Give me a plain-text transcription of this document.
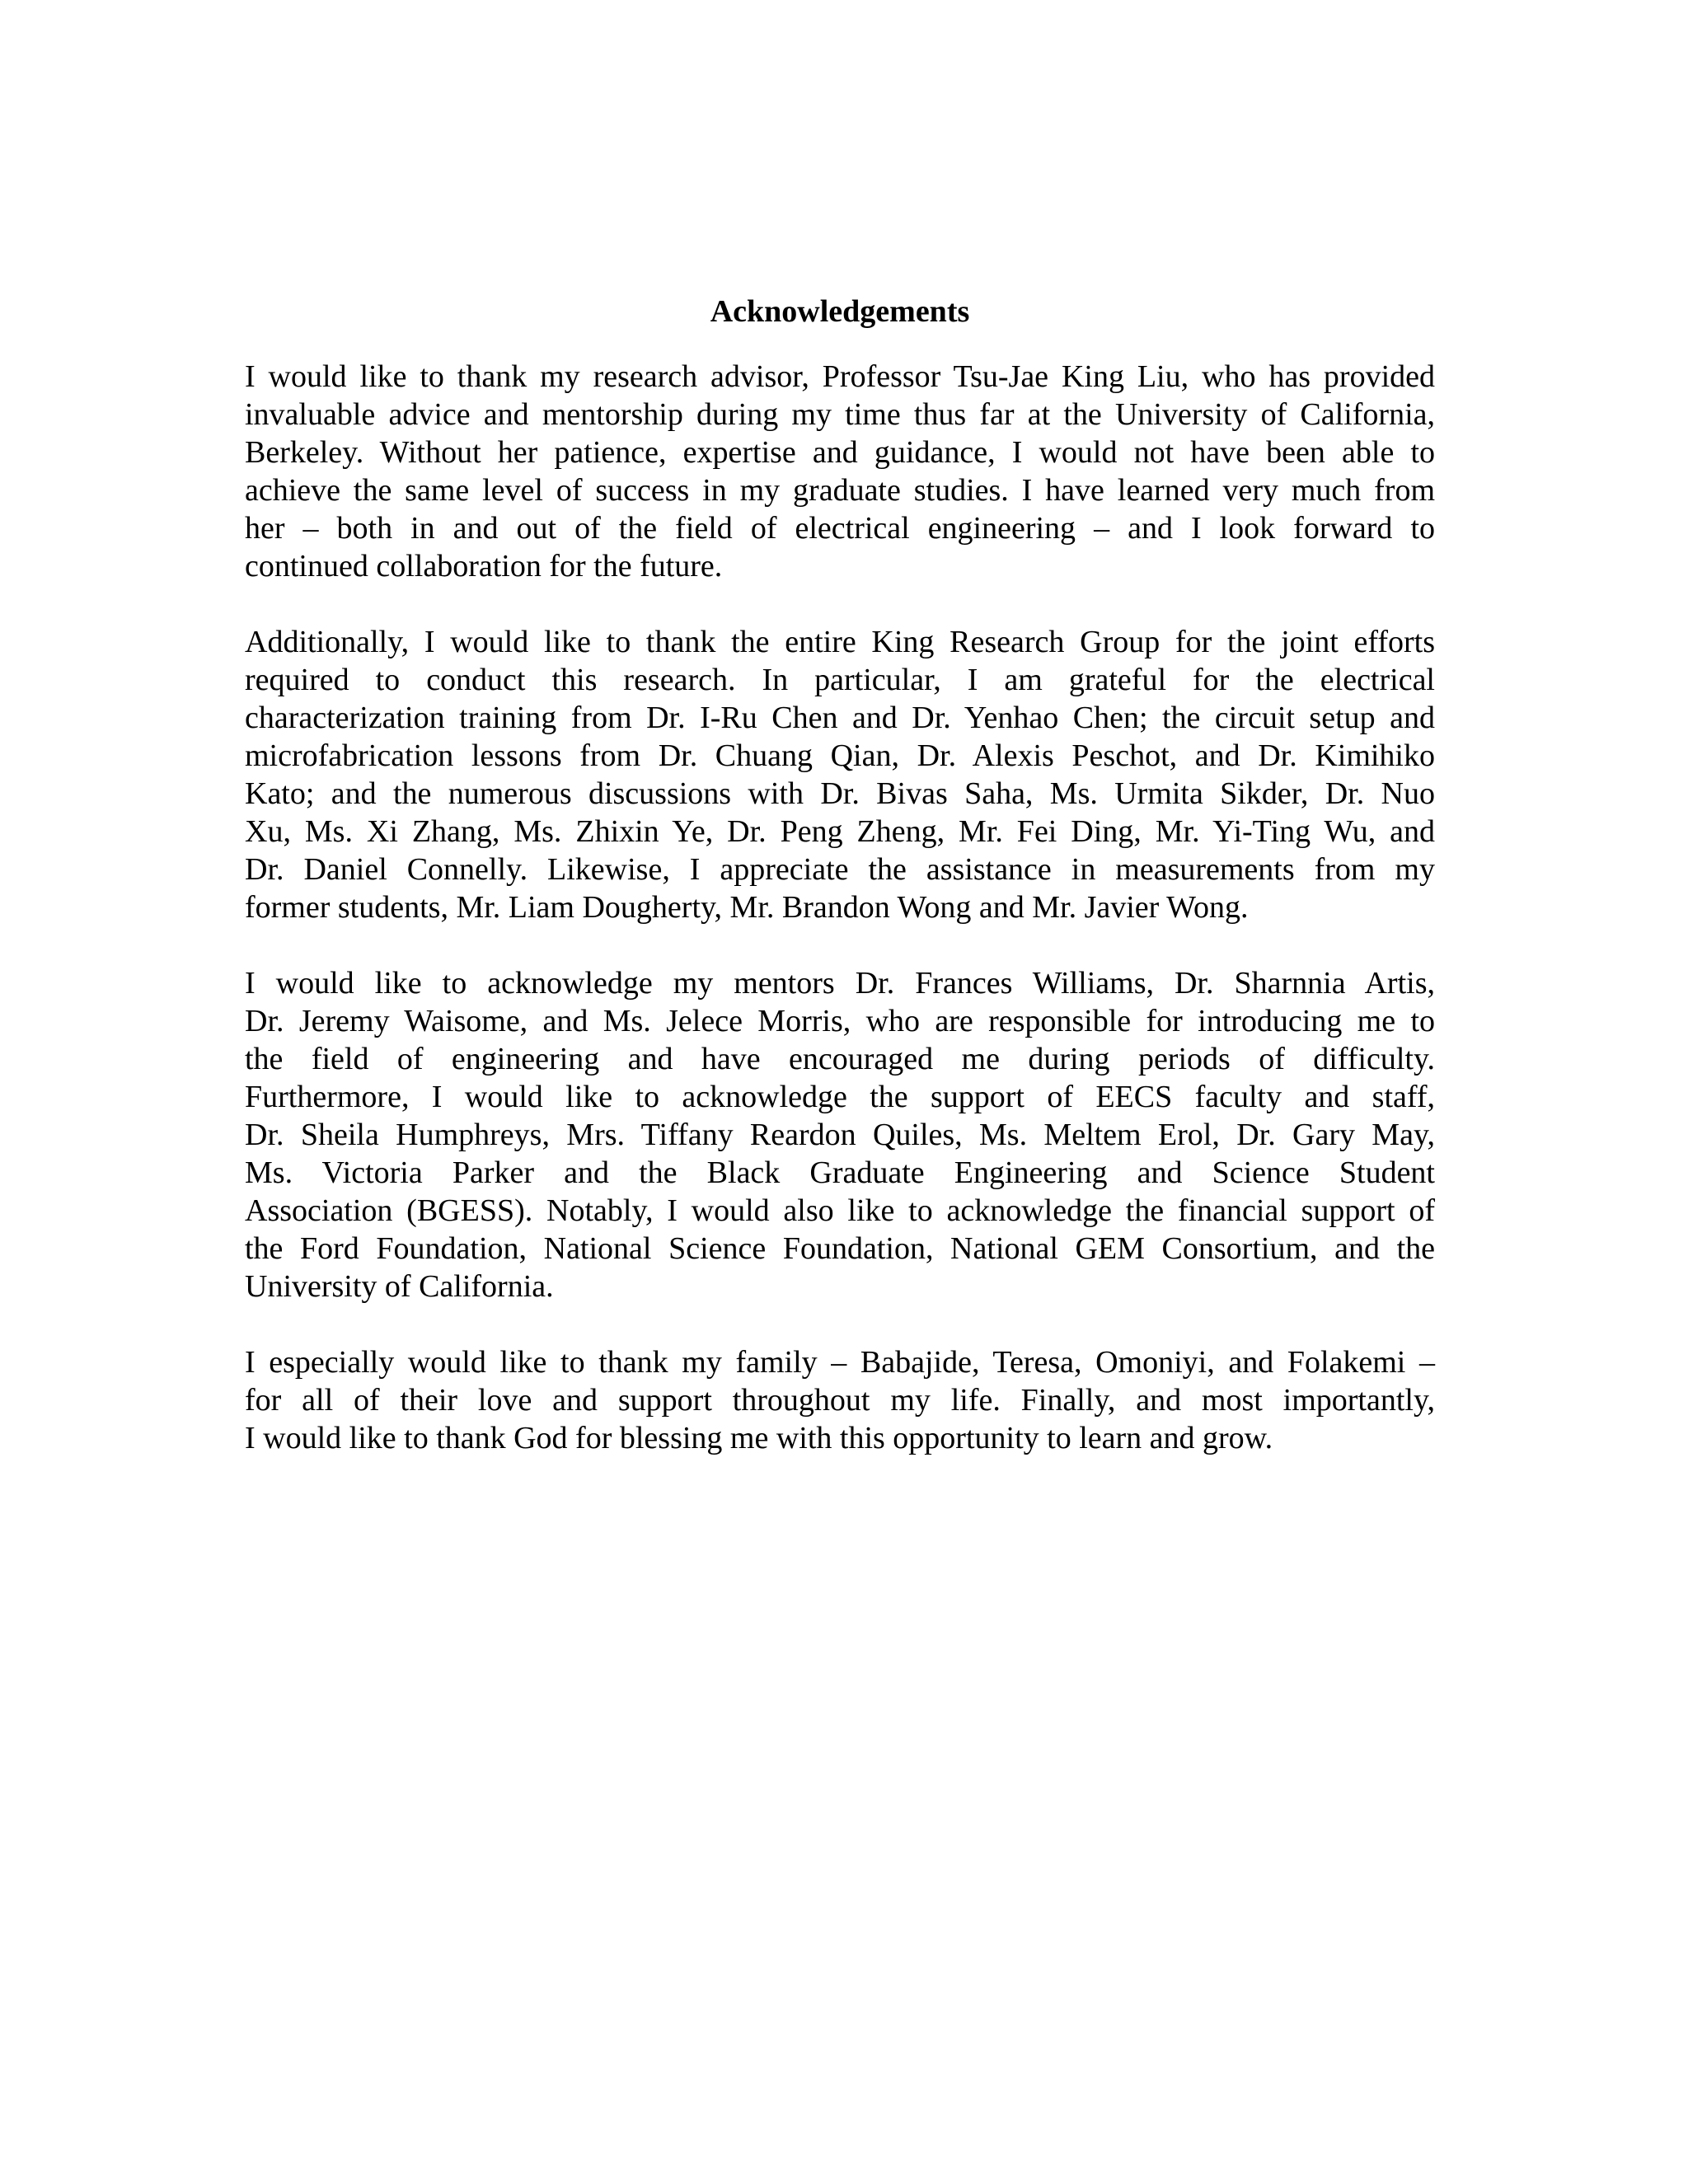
Acknowledgements
I would like to thank my research advisor, Professor Tsu-Jae King Liu, who has provided
invaluable advice and mentorship during my time thus far at the University of California,
Berkeley. Without her patience, expertise and guidance, I would not have been able to
achieve the same level of success in my graduate studies. I have learned very much from
her – both in and out of the field of electrical engineering – and I look forward to
continued collaboration for the future.
Additionally, I would like to thank the entire King Research Group for the joint efforts
required to conduct this research. In particular, I am grateful for the electrical
characterization training from Dr. I-Ru Chen and Dr. Yenhao Chen; the circuit setup and
microfabrication lessons from Dr. Chuang Qian, Dr. Alexis Peschot, and Dr. Kimihiko
Kato; and the numerous discussions with Dr. Bivas Saha, Ms. Urmita Sikder, Dr. Nuo
Xu, Ms. Xi Zhang, Ms. Zhixin Ye, Dr. Peng Zheng, Mr. Fei Ding, Mr. Yi-Ting Wu, and
Dr. Daniel Connelly. Likewise, I appreciate the assistance in measurements from my
former students, Mr. Liam Dougherty, Mr. Brandon Wong and Mr. Javier Wong.
I would like to acknowledge my mentors Dr. Frances Williams, Dr. Sharnnia Artis,
Dr. Jeremy Waisome, and Ms. Jelece Morris, who are responsible for introducing me to
the field of engineering and have encouraged me during periods of difficulty.
Furthermore, I would like to acknowledge the support of EECS faculty and staff,
Dr. Sheila Humphreys, Mrs. Tiffany Reardon Quiles, Ms. Meltem Erol, Dr. Gary May,
Ms. Victoria Parker and the Black Graduate Engineering and Science Student
Association (BGESS). Notably, I would also like to acknowledge the financial support of
the Ford Foundation, National Science Foundation, National GEM Consortium, and the
University of California.
I especially would like to thank my family – Babajide, Teresa, Omoniyi, and Folakemi –
for all of their love and support throughout my life. Finally, and most importantly,
I would like to thank God for blessing me with this opportunity to learn and grow.
